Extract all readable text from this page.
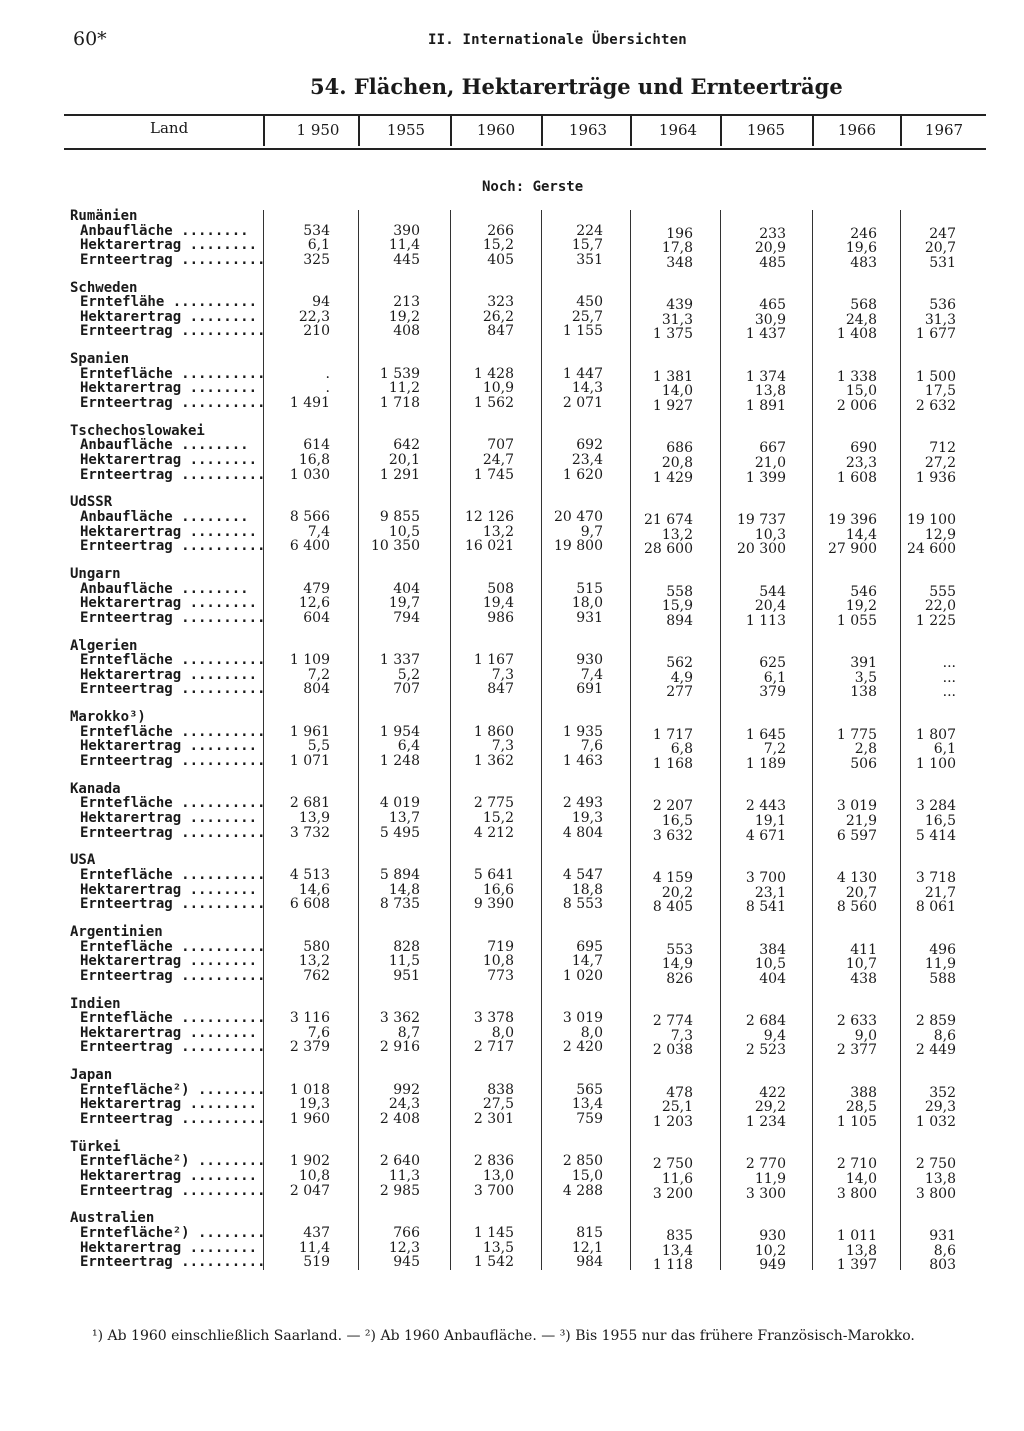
60*	II. Internationale Übersichten
54. Flächen, Hektarerträge und Ernteerträge
Land	1 950	1955	1960	1963	1964	1965	1966	1967
Noch: Gerste
Rumänien
Anbaufläche ........	534	390	266	224	196	233	246	247
Hektarertrag ........	6,1	11,4	15,2	15,7	17,8	20,9	19,6	20,7
Ernteertrag ..........	325	445	405	351	348	485	483	531
Schweden
Ernteflähe ..........	94	213	323	450	439	465	568	536
Hektarertrag ........	22,3	19,2	26,2	25,7	31,3	30,9	24,8	31,3
Ernteertrag ..........	210	408	847	1 155	1 375	1 437	1 408	1 677
Spanien
Erntefläche ..........	.	1 539	1 428	1 447	1 381	1 374	1 338	1 500
Hektarertrag ........	.	11,2	10,9	14,3	14,0	13,8	15,0	17,5
Ernteertrag ..........	1 491	1 718	1 562	2 071	1 927	1 891	2 006	2 632
Tschechoslowakei
Anbaufläche ........	614	642	707	692	686	667	690	712
Hektarertrag ........	16,8	20,1	24,7	23,4	20,8	21,0	23,3	27,2
Ernteertrag ..........	1 030	1 291	1 745	1 620	1 429	1 399	1 608	1 936
UdSSR
Anbaufläche ........	8 566	9 855	12 126	20 470	21 674	19 737	19 396	19 100
Hektarertrag ........	7,4	10,5	13,2	9,7	13,2	10,3	14,4	12,9
Ernteertrag ..........	6 400	10 350	16 021	19 800	28 600	20 300	27 900	24 600
Ungarn
Anbaufläche ........	479	404	508	515	558	544	546	555
Hektarertrag ........	12,6	19,7	19,4	18,0	15,9	20,4	19,2	22,0
Ernteertrag ..........	604	794	986	931	894	1 113	1 055	1 225
Algerien
Erntefläche ..........	1 109	1 337	1 167	930	562	625	391	...
Hektarertrag ........	7,2	5,2	7,3	7,4	4,9	6,1	3,5	...
Ernteertrag ..........	804	707	847	691	277	379	138	...
Marokko³)
Erntefläche ..........	1 961	1 954	1 860	1 935	1 717	1 645	1 775	1 807
Hektarertrag ........	5,5	6,4	7,3	7,6	6,8	7,2	2,8	6,1
Ernteertrag ..........	1 071	1 248	1 362	1 463	1 168	1 189	506	1 100
Kanada
Erntefläche ..........	2 681	4 019	2 775	2 493	2 207	2 443	3 019	3 284
Hektarertrag ........	13,9	13,7	15,2	19,3	16,5	19,1	21,9	16,5
Ernteertrag ..........	3 732	5 495	4 212	4 804	3 632	4 671	6 597	5 414
USA
Erntefläche ..........	4 513	5 894	5 641	4 547	4 159	3 700	4 130	3 718
Hektarertrag ........	14,6	14,8	16,6	18,8	20,2	23,1	20,7	21,7
Ernteertrag ..........	6 608	8 735	9 390	8 553	8 405	8 541	8 560	8 061
Argentinien
Erntefläche ..........	580	828	719	695	553	384	411	496
Hektarertrag ........	13,2	11,5	10,8	14,7	14,9	10,5	10,7	11,9
Ernteertrag ..........	762	951	773	1 020	826	404	438	588
Indien
Erntefläche ..........	3 116	3 362	3 378	3 019	2 774	2 684	2 633	2 859
Hektarertrag ........	7,6	8,7	8,0	8,0	7,3	9,4	9,0	8,6
Ernteertrag ..........	2 379	2 916	2 717	2 420	2 038	2 523	2 377	2 449
Japan
Erntefläche²) ........	1 018	992	838	565	478	422	388	352
Hektarertrag ........	19,3	24,3	27,5	13,4	25,1	29,2	28,5	29,3
Ernteertrag ..........	1 960	2 408	2 301	759	1 203	1 234	1 105	1 032
Türkei
Erntefläche²) ........	1 902	2 640	2 836	2 850	2 750	2 770	2 710	2 750
Hektarertrag ........	10,8	11,3	13,0	15,0	11,6	11,9	14,0	13,8
Ernteertrag ..........	2 047	2 985	3 700	4 288	3 200	3 300	3 800	3 800
Australien
Erntefläche²) ........	437	766	1 145	815	835	930	1 011	931
Hektarertrag ........	11,4	12,3	13,5	12,1	13,4	10,2	13,8	8,6
Ernteertrag ..........	519	945	1 542	984	1 118	949	1 397	803
¹) Ab 1960 einschließlich Saarland. — ²) Ab 1960 Anbaufläche. — ³) Bis 1955 nur das frühere Französisch-Marokko.
